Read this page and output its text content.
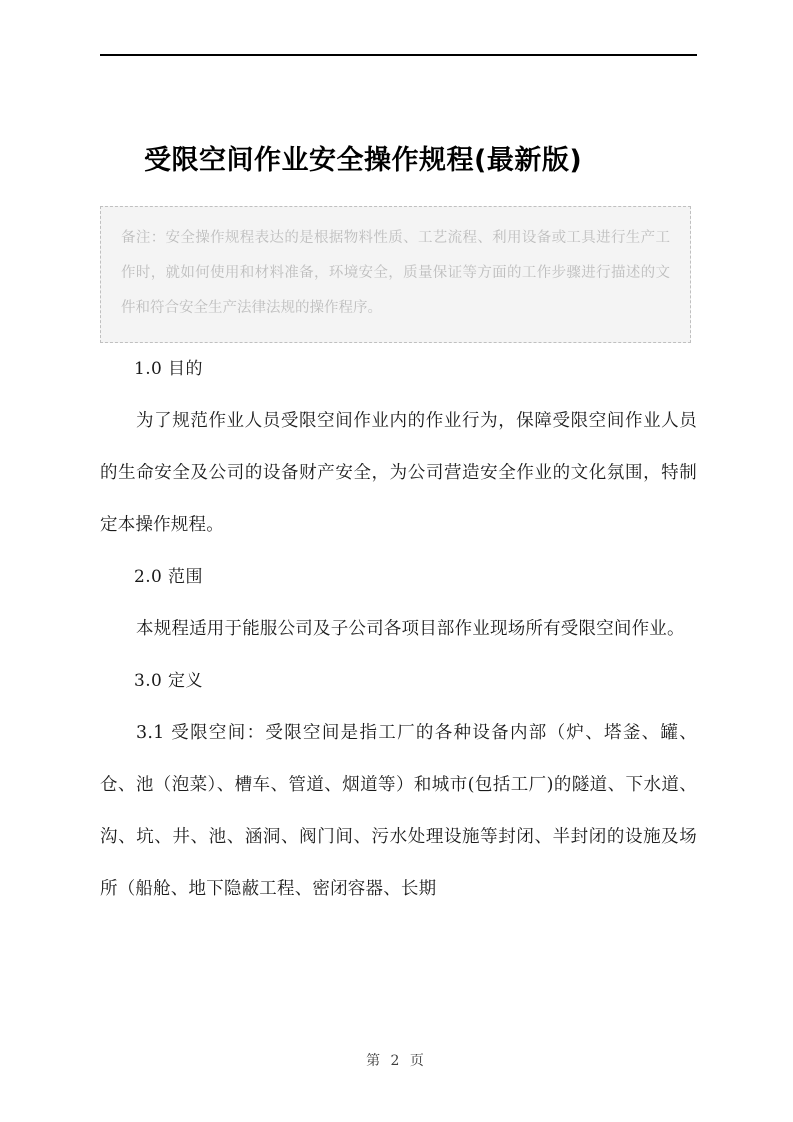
受限空间作业安全操作规程(最新版)

备注：安全操作规程表达的是根据物料性质、工艺流程、利用设备或工具进行生产工作时，就如何使用和材料准备，环境安全，质量保证等方面的工作步骤进行描述的文件和符合安全生产法律法规的操作程序。

1.0 目的

为了规范作业人员受限空间作业内的作业行为，保障受限空间作业人员的生命安全及公司的设备财产安全，为公司营造安全作业的文化氛围，特制定本操作规程。

2.0 范围

本规程适用于能服公司及子公司各项目部作业现场所有受限空间作业。

3.0 定义

3.1 受限空间：受限空间是指工厂的各种设备内部（炉、塔釜、罐、仓、池（泡菜）、槽车、管道、烟道等）和城市(包括工厂)的隧道、下水道、沟、坑、井、池、涵洞、阀门间、污水处理设施等封闭、半封闭的设施及场所（船舱、地下隐蔽工程、密闭容器、长期

第 2 页
